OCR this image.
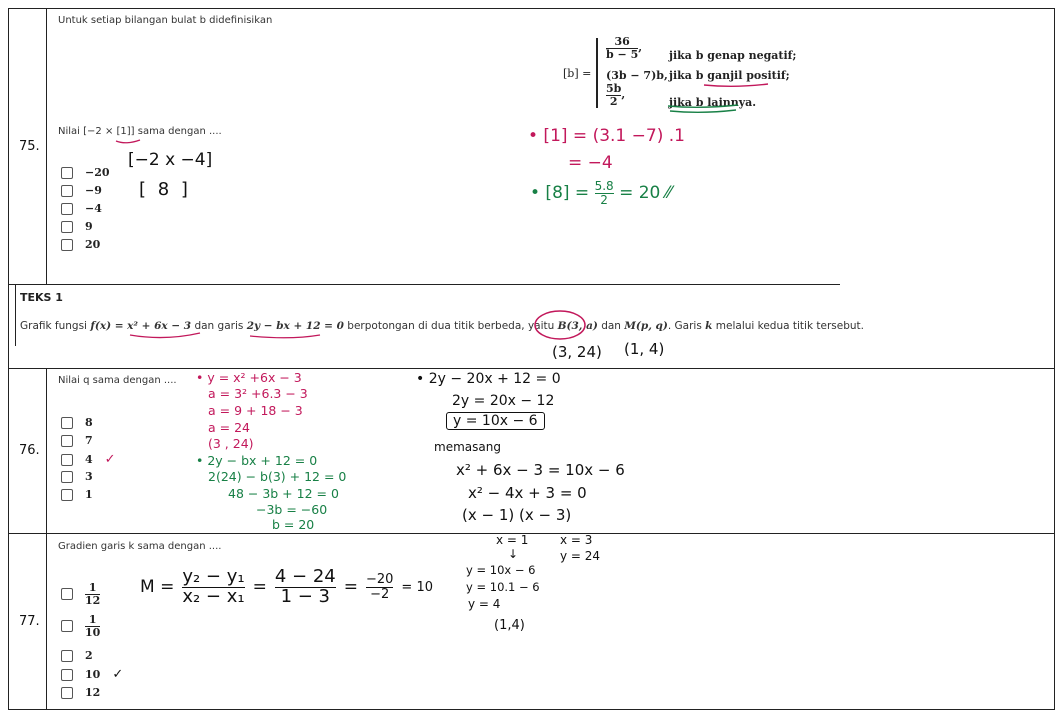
75.
Untuk setiap bilangan bulat b didefinisikan
[b] =
$\frac{36}{b - 5}$ ,
jika b genap negatif;
(3b − 7)b, jika b ganjil positif;
$\frac{5b}{2}$ ,
jika b lainnya.
Nilai [−2 × [1]] sama dengan ....
−20
−9
−4
9
20
[−2 x −4]
[ 8 ]
• [1] = (3.1 −7) .1
= −4
• $[8] = \frac{5.8}{2} = 20$ ⁄⁄
TEKS 1
Grafik fungsi f(x) = x² + 6x − 3 dan garis 2y − bx + 12 = 0 berpotongan di dua titik berbeda, yaitu B(3, a) dan M(p, q). Garis k melalui kedua titik tersebut.
(3, 24) (1, 4)
76.
Nilai q sama dengan ....
8
7
4 ✓
3
1
• y = x² +6x − 3
a = 3² +6.3 − 3
a = 9 + 18 − 3
a = 24
(3 , 24)
• 2y − bx + 12 = 0
2(24) − b(3) + 12 = 0
48 − 3b + 12 = 0
−3b = −60
b = 20
• 2y − 20x + 12 = 0
2y = 20x − 12
y = 10x − 6
memasang
x² + 6x − 3 = 10x − 6
x² − 4x + 3 = 0
(x − 1) (x − 3)
77.
Gradien garis k sama dengan ....
$\frac{1}{12}$
$\frac{1}{10}$
2
10 ✓
12
$M = \frac{\text{y₂ − y₁}}{\text{x₂ − x₁}} = \frac{4 - 24}{1 - 3} = \frac{-20}{-2} = 10$
x = 1
↓
y = 10x − 6
y = 10.1 − 6
y = 4
(1,4)
x = 3
y = 24
